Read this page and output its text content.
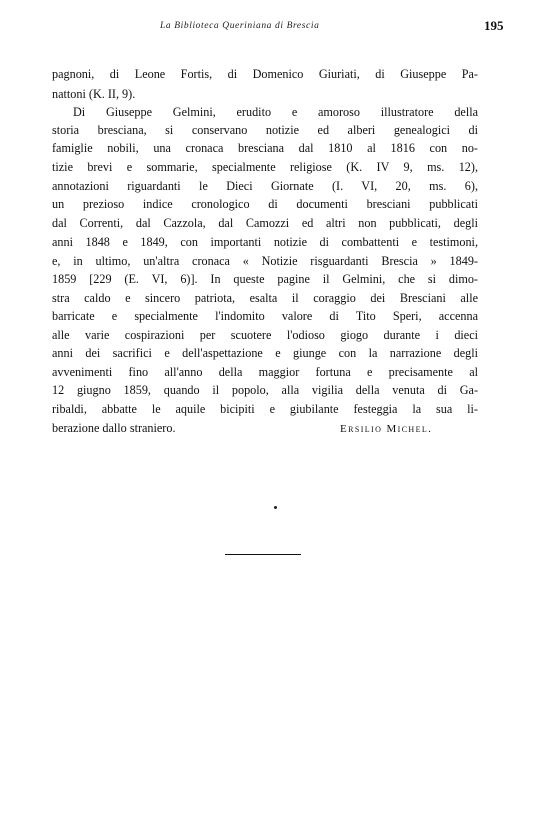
La Biblioteca Queriniana di Brescia	195
pagnoni, di Leone Fortis, di Domenico Giuriati, di Giuseppe Pa-
nattoni (K. II, 9).
Di Giuseppe Gelmini, erudito e amoroso illustratore della
storia bresciana, si conservano notizie ed alberi genealogici di
famiglie nobili, una cronaca bresciana dal 1810 al 1816 con no-
tizie brevi e sommarie, specialmente religiose (K. IV 9, ms. 12),
annotazioni riguardanti le Dieci Giornate (I. VI, 20, ms. 6),
un prezioso indice cronologico di documenti bresciani pubblicati
dal Correnti, dal Cazzola, dal Camozzi ed altri non pubblicati, degli
anni 1848 e 1849, con importanti notizie di combattenti e testimoni,
e, in ultimo, un'altra cronaca « Notizie risguardanti Brescia » 1849-
1859 [229 (E. VI, 6)]. In queste pagine il Gelmini, che si dimo-
stra caldo e sincero patriota, esalta il coraggio dei Bresciani alle
barricate e specialmente l'indomito valore di Tito Speri, accenna
alle varie cospirazioni per scuotere l'odioso giogo durante i dieci
anni dei sacrifici e dell'aspettazione e giunge con la narrazione degli
avvenimenti fino all'anno della maggior fortuna e precisamente al
12 giugno 1859, quando il popolo, alla vigilia della venuta di Ga-
ribaldi, abbatte le aquile bicipiti e giubilante festeggia la sua li-
berazione dallo straniero.	Ersilio Michel.
